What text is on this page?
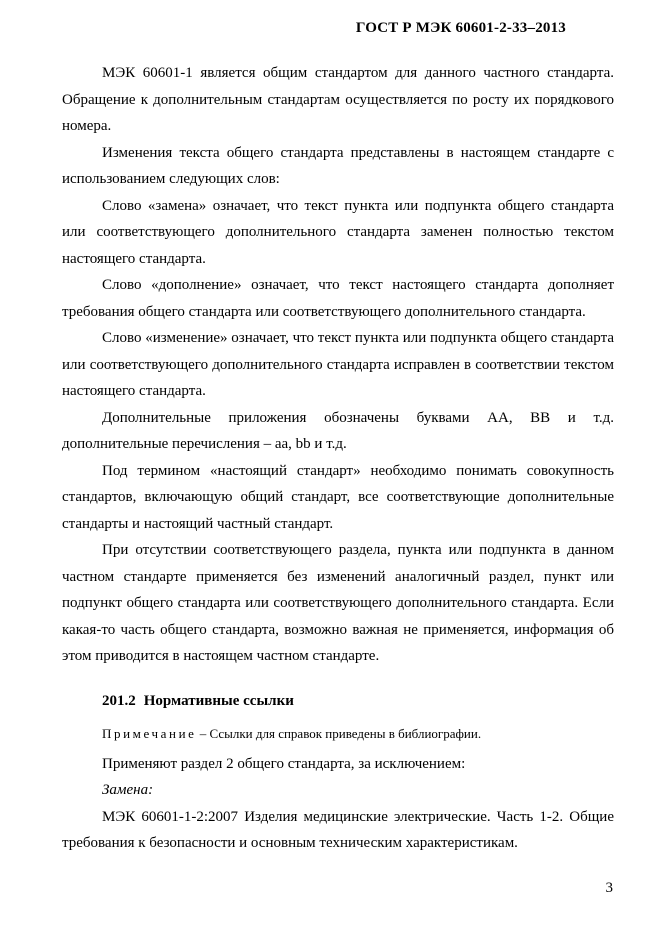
ГОСТ Р МЭК 60601-2-33–2013

МЭК 60601-1 является общим стандартом для данного частного стандарта. Обращение к дополнительным стандартам осуществляется по росту их порядкового номера.

Изменения текста общего стандарта представлены в настоящем стандарте с использованием следующих слов:

Слово «замена» означает, что текст пункта или подпункта общего стандарта или соответствующего дополнительного стандарта заменен полностью текстом настоящего стандарта.

Слово «дополнение» означает, что текст настоящего стандарта дополняет требования общего стандарта или соответствующего дополнительного стандарта.

Слово «изменение» означает, что текст пункта или подпункта общего стандарта или соответствующего дополнительного стандарта исправлен в соответствии текстом настоящего стандарта.

Дополнительные приложения обозначены буквами АА, ВВ и т.д. дополнительные перечисления – аа, bb и т.д.

Под термином «настоящий стандарт» необходимо понимать совокупность стандартов, включающую общий стандарт, все соответствующие дополнительные стандарты и настоящий частный стандарт.

При отсутствии соответствующего раздела, пункта или подпункта в данном частном стандарте применяется без изменений аналогичный раздел, пункт или подпункт общего стандарта или соответствующего дополнительного стандарта. Если какая-то часть общего стандарта, возможно важная не применяется, информация об этом приводится в настоящем частном стандарте.

201.2 Нормативные ссылки
Примечание – Ссылки для справок приведены в библиографии.

Применяют раздел 2 общего стандарта, за исключением:

Замена:

МЭК 60601-1-2:2007 Изделия медицинские электрические. Часть 1-2. Общие требования к безопасности и основным техническим характеристикам.

3
